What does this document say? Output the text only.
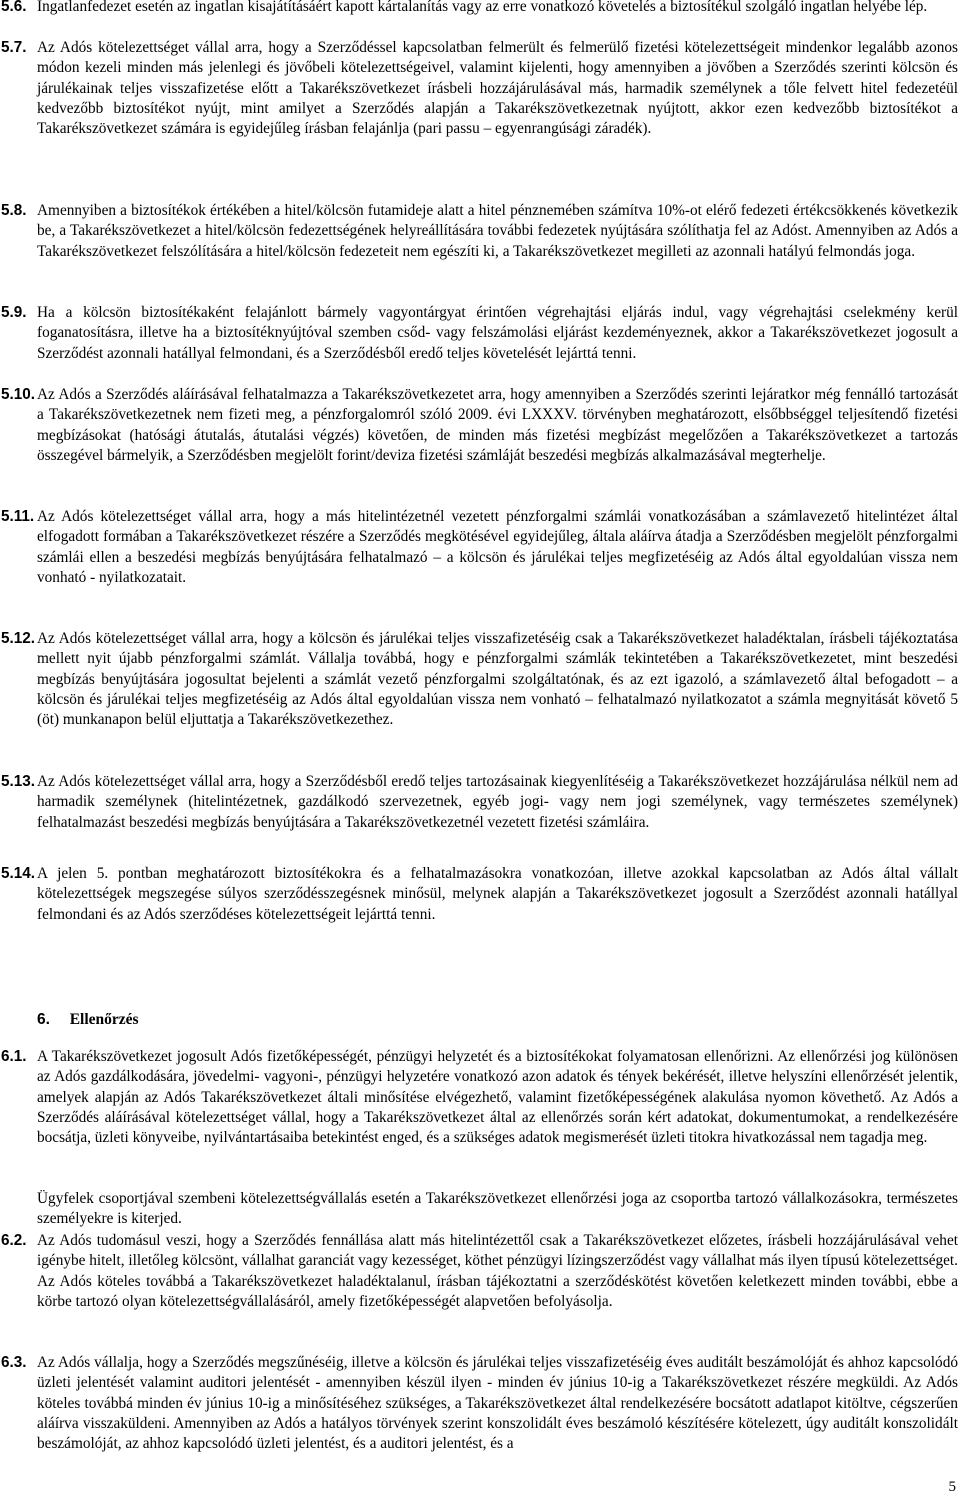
5.6. Ingatlanfedezet esetén az ingatlan kisajátításáért kapott kártalanítás vagy az erre vonatkozó követelés a biztosítékul szolgáló ingatlan helyébe lép.
5.7. Az Adós kötelezettséget vállal arra, hogy a Szerződéssel kapcsolatban felmerült és felmerülő fizetési kötelezettségeit mindenkor legalább azonos módon kezeli minden más jelenlegi és jövőbeli kötelezettségeivel, valamint kijelenti, hogy amennyiben a jövőben a Szerződés szerinti kölcsön és járulékainak teljes visszafizetése előtt a Takarékszövetkezet írásbeli hozzájárulásával más, harmadik személynek a tőle felvett hitel fedezetéül kedvezőbb biztosítékot nyújt, mint amilyet a Szerződés alapján a Takarékszövetkezetnak nyújtott, akkor ezen kedvezőbb biztosítékot a Takarékszövetkezet számára is egyidejűleg írásban felajánlja (pari passu – egyenrangúsági záradék).
5.8. Amennyiben a biztosítékok értékében a hitel/kölcsön futamideje alatt a hitel pénznemében számítva 10%-ot elérő fedezeti értékcsökkenés következik be, a Takarékszövetkezet a hitel/kölcsön fedezettségének helyreállítására további fedezetek nyújtására szólíthatja fel az Adóst. Amennyiben az Adós a Takarékszövetkezet felszólítására a hitel/kölcsön fedezeteit nem egészíti ki, a Takarékszövetkezet megilleti az azonnali hatályú felmondás joga.
5.9. Ha a kölcsön biztosítékaként felajánlott bármely vagyontárgyat érintően végrehajtási eljárás indul, vagy végrehajtási cselekmény kerül foganatosításra, illetve ha a biztosítéknyújtóval szemben csőd- vagy felszámolási eljárást kezdeményeznek, akkor a Takarékszövetkezet jogosult a Szerződést azonnali hatállyal felmondani, és a Szerződésből eredő teljes követelését lejárttá tenni.
5.10. Az Adós a Szerződés aláírásával felhatalmazza a Takarékszövetkezetet arra, hogy amennyiben a Szerződés szerinti lejáratkor még fennálló tartozását a Takarékszövetkezetnek nem fizeti meg, a pénzforgalomról szóló 2009. évi LXXXV. törvényben meghatározott, elsőbbséggel teljesítendő fizetési megbízásokat (hatósági átutalás, átutalási végzés) követően, de minden más fizetési megbízást megelőzően a Takarékszövetkezet a tartozás összegével bármelyik, a Szerződésben megjelölt forint/deviza fizetési számláját beszedési megbízás alkalmazásával megterhelje.
5.11. Az Adós kötelezettséget vállal arra, hogy a más hitelintézetnél vezetett pénzforgalmi számlái vonatkozásában a számlavezető hitelintézet által elfogadott formában a Takarékszövetkezet részére a Szerződés megkötésével egyidejűleg, általa aláírva átadja a Szerződésben megjelölt pénzforgalmi számlái ellen a beszedési megbízás benyújtására felhatalmazó – a kölcsön és járulékai teljes megfizetéséig az Adós által egyoldalúan vissza nem vonható - nyilatkozatait.
5.12. Az Adós kötelezettséget vállal arra, hogy a kölcsön és járulékai teljes visszafizetéséig csak a Takarékszövetkezet haladéktalan, írásbeli tájékoztatása mellett nyit újabb pénzforgalmi számlát. Vállalja továbbá, hogy e pénzforgalmi számlák tekintetében a Takarékszövetkezetet, mint beszedési megbízás benyújtására jogosultat bejelenti a számlát vezető pénzforgalmi szolgáltatónak, és az ezt igazoló, a számlavezető által befogadott – a kölcsön és járulékai teljes megfizetéséig az Adós által egyoldalúan vissza nem vonható – felhatalmazó nyilatkozatot a számla megnyitását követő 5 (öt) munkanapon belül eljuttatja a Takarékszövetkezethez.
5.13. Az Adós kötelezettséget vállal arra, hogy a Szerződésből eredő teljes tartozásainak kiegyenlítéséig a Takarékszövetkezet hozzájárulása nélkül nem ad harmadik személynek (hitelintézetnek, gazdálkodó szervezetnek, egyéb jogi- vagy nem jogi személynek, vagy természetes személynek) felhatalmazást beszedési megbízás benyújtására a Takarékszövetkezetnél vezetett fizetési számláira.
5.14. A jelen 5. pontban meghatározott biztosítékokra és a felhatalmazásokra vonatkozóan, illetve azokkal kapcsolatban az Adós által vállalt kötelezettségek megszegése súlyos szerződésszegésnek minősül, melynek alapján a Takarékszövetkezet jogosult a Szerződést azonnali hatállyal felmondani és az Adós szerződéses kötelezettségeit lejárttá tenni.
6. Ellenőrzés
6.1. A Takarékszövetkezet jogosult Adós fizetőképességét, pénzügyi helyzetét és a biztosítékokat folyamatosan ellenőrizni. Az ellenőrzési jog különösen az Adós gazdálkodására, jövedelmi- vagyoni-, pénzügyi helyzetére vonatkozó azon adatok és tények bekérését, illetve helyszíni ellenőrzését jelentik, amelyek alapján az Adós Takarékszövetkezet általi minősítése elvégezhető, valamint fizetőképességének alakulása nyomon követhető. Az Adós a Szerződés aláírásával kötelezettséget vállal, hogy a Takarékszövetkezet által az ellenőrzés során kért adatokat, dokumentumokat, a rendelkezésére bocsátja, üzleti könyveibe, nyilvántartásaiba betekintést enged, és a szükséges adatok megismerését üzleti titokra hivatkozással nem tagadja meg.
Ügyfelek csoportjával szembeni kötelezettségvállalás esetén a Takarékszövetkezet ellenőrzési joga az csoportba tartozó vállalkozásokra, természetes személyekre is kiterjed.
6.2. Az Adós tudomásul veszi, hogy a Szerződés fennállása alatt más hitelintézettől csak a Takarékszövetkezet előzetes, írásbeli hozzájárulásával vehet igénybe hitelt, illetőleg kölcsönt, vállalhat garanciát vagy kezességet, köthet pénzügyi lízingszerződést vagy vállalhat más ilyen típusú kötelezettséget. Az Adós köteles továbbá a Takarékszövetkezet haladéktalanul, írásban tájékoztatni a szerződéskötést követően keletkezett minden további, ebbe a körbe tartozó olyan kötelezettségvállalásáról, amely fizetőképességét alapvetően befolyásolja.
6.3. Az Adós vállalja, hogy a Szerződés megszűnéséig, illetve a kölcsön és járulékai teljes visszafizetéséig éves auditált beszámolóját és ahhoz kapcsolódó üzleti jelentését valamint auditori jelentését - amennyiben készül ilyen - minden év június 10-ig a Takarékszövetkezet részére megküldi. Az Adós köteles továbbá minden év június 10-ig a minősítéséhez szükséges, a Takarékszövetkezet által rendelkezésére bocsátott adatlapot kitöltve, cégszerűen aláírva visszaküldeni. Amennyiben az Adós a hatályos törvények szerint konszolidált éves beszámoló készítésére kötelezett, úgy auditált konszolidált beszámolóját, az ahhoz kapcsolódó üzleti jelentést, és a auditori jelentést, és a
5
